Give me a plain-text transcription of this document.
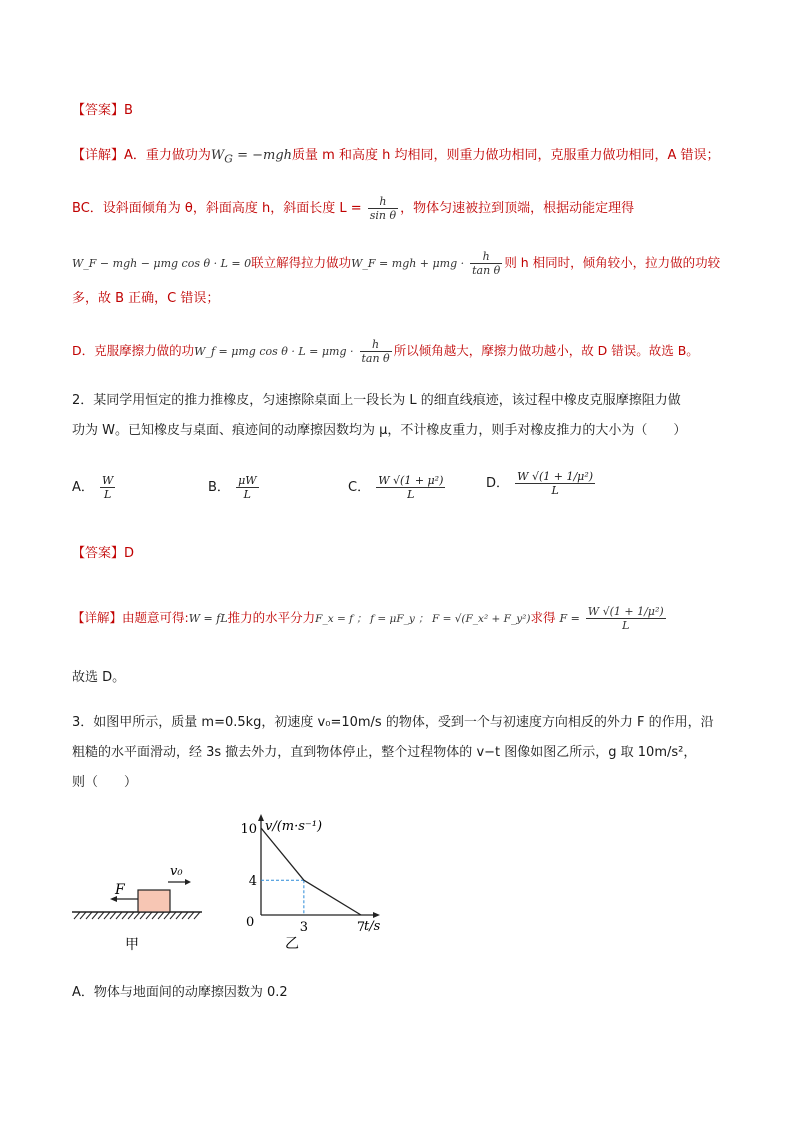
【答案】B
【详解】A．重力做功为$W_G = -mgh$质量 m 和高度 h 均相同，则重力做功相同，克服重力做功相同，A 错误；
BC．设斜面倾角为 θ，斜面高度 h，斜面长度 $L = \frac{h}{\text{sin θ}}$ ，物体匀速被拉到顶端，根据动能定理得
W_F − mgh − μmg cos θ · L = 0联立解得拉力做功W_F = mgh + $\mu mg \cdot \frac{h}{\text{tan θ}}$ 则 h 相同时，倾角较小，拉力做的功较
多，故 B 正确，C 错误；
D．克服摩擦力做的功W_f = μmg $\cos \theta \cdot L = \mu mg \cdot \frac{h}{\text{tan θ}}$ 所以倾角越大，摩擦力做功越小，故 D 错误。故选 B。
2．某同学用恒定的推力推橡皮，匀速擦除桌面上一段长为 L 的细直线痕迹，该过程中橡皮克服摩擦阻力做
功为 W。已知橡皮与桌面、痕迹间的动摩擦因数均为 μ，不计橡皮重力，则手对橡皮推力的大小为（　　）
A． $\frac{W}{L}$	B． $\frac{\mu W}{L}$	C． $\frac{\text{W √(1 + μ²)}}{L}$	D． $\frac{\text{W √(1 + 1/μ²)}}{L}$
【答案】D
【详解】由题意可得:W = fL推力的水平分力F_x = f ； f = μF_y ； F = √(F_x² + F_y²)求得 $F = \frac{\text{W √(1 + 1/μ²)}}{L}$
故选 D。
3．如图甲所示，质量 m=0.5kg，初速度 v₀=10m/s 的物体，受到一个与初速度方向相反的外力 F 的作用，沿
粗糙的水平面滑动，经 3s 撤去外力，直到物体停止，整个过程物体的 v−t 图像如图乙所示，g 取 10m/s²，
则（　　）
F
v₀
甲
v/(m·s⁻¹)
t/s
0
乙
4
10
3	7
A．物体与地面间的动摩擦因数为 0.2
